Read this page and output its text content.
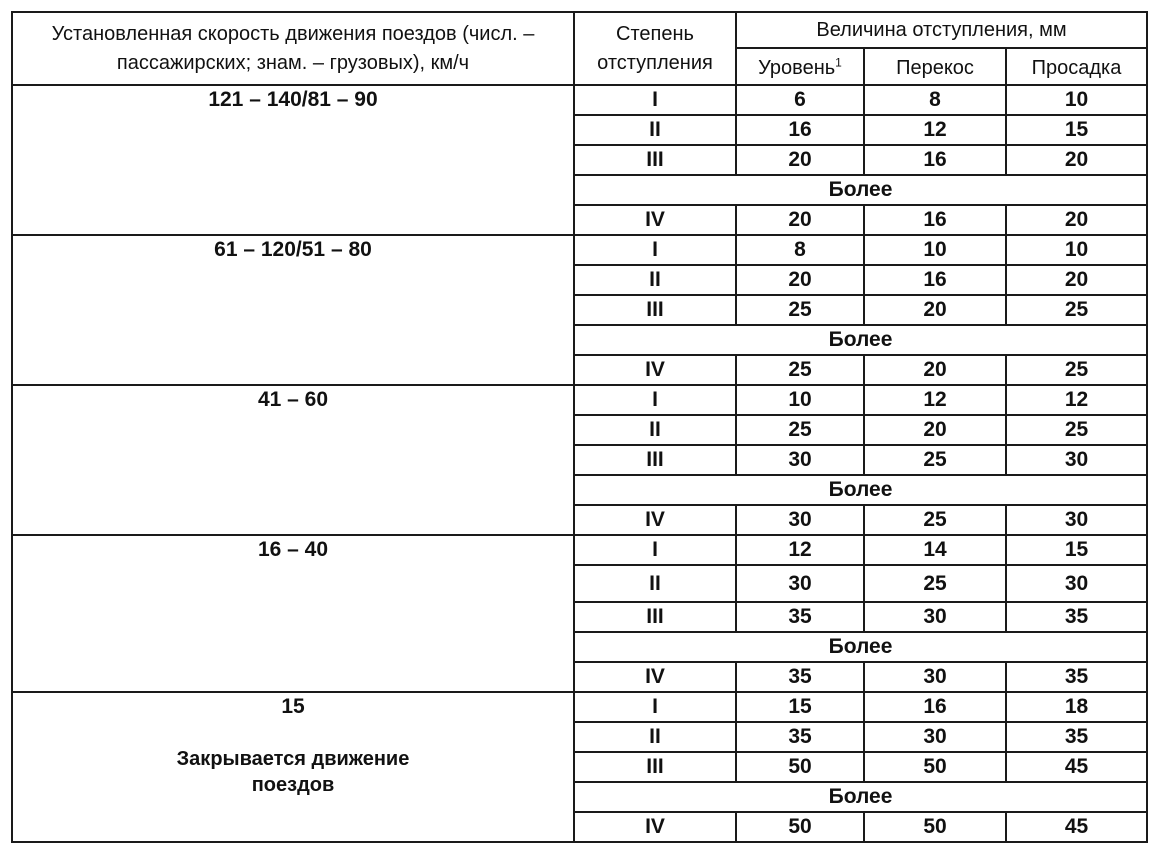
Установленная скорость движения поездов (числ. –
пассажирских; знам. – грузовых), км/ч	Степень
отступления	Величина отступления, мм		
		Уровень$^1$	Перекос	Просадка

121 – 140/81 – 90	I	6	8	10
	II	16	12	15
	III	20	16	20
	Более			
	IV	20	16	20

61 – 120/51 – 80	I	8	10	10
	II	20	16	20
	III	25	20	25
	Более			
	IV	25	20	25

41 – 60	I	10	12	12
	II	25	20	25
	III	30	25	30
	Более			
	IV	30	25	30

16 – 40	I	12	14	15
	II	30	25	30
	III	35	30	35
	Более			
	IV	35	30	35

15
Закрывается движение
поездов	I	15	16	18
	II	35	30	35
	III	50	50	45
	Более			
	IV	50	50	45
